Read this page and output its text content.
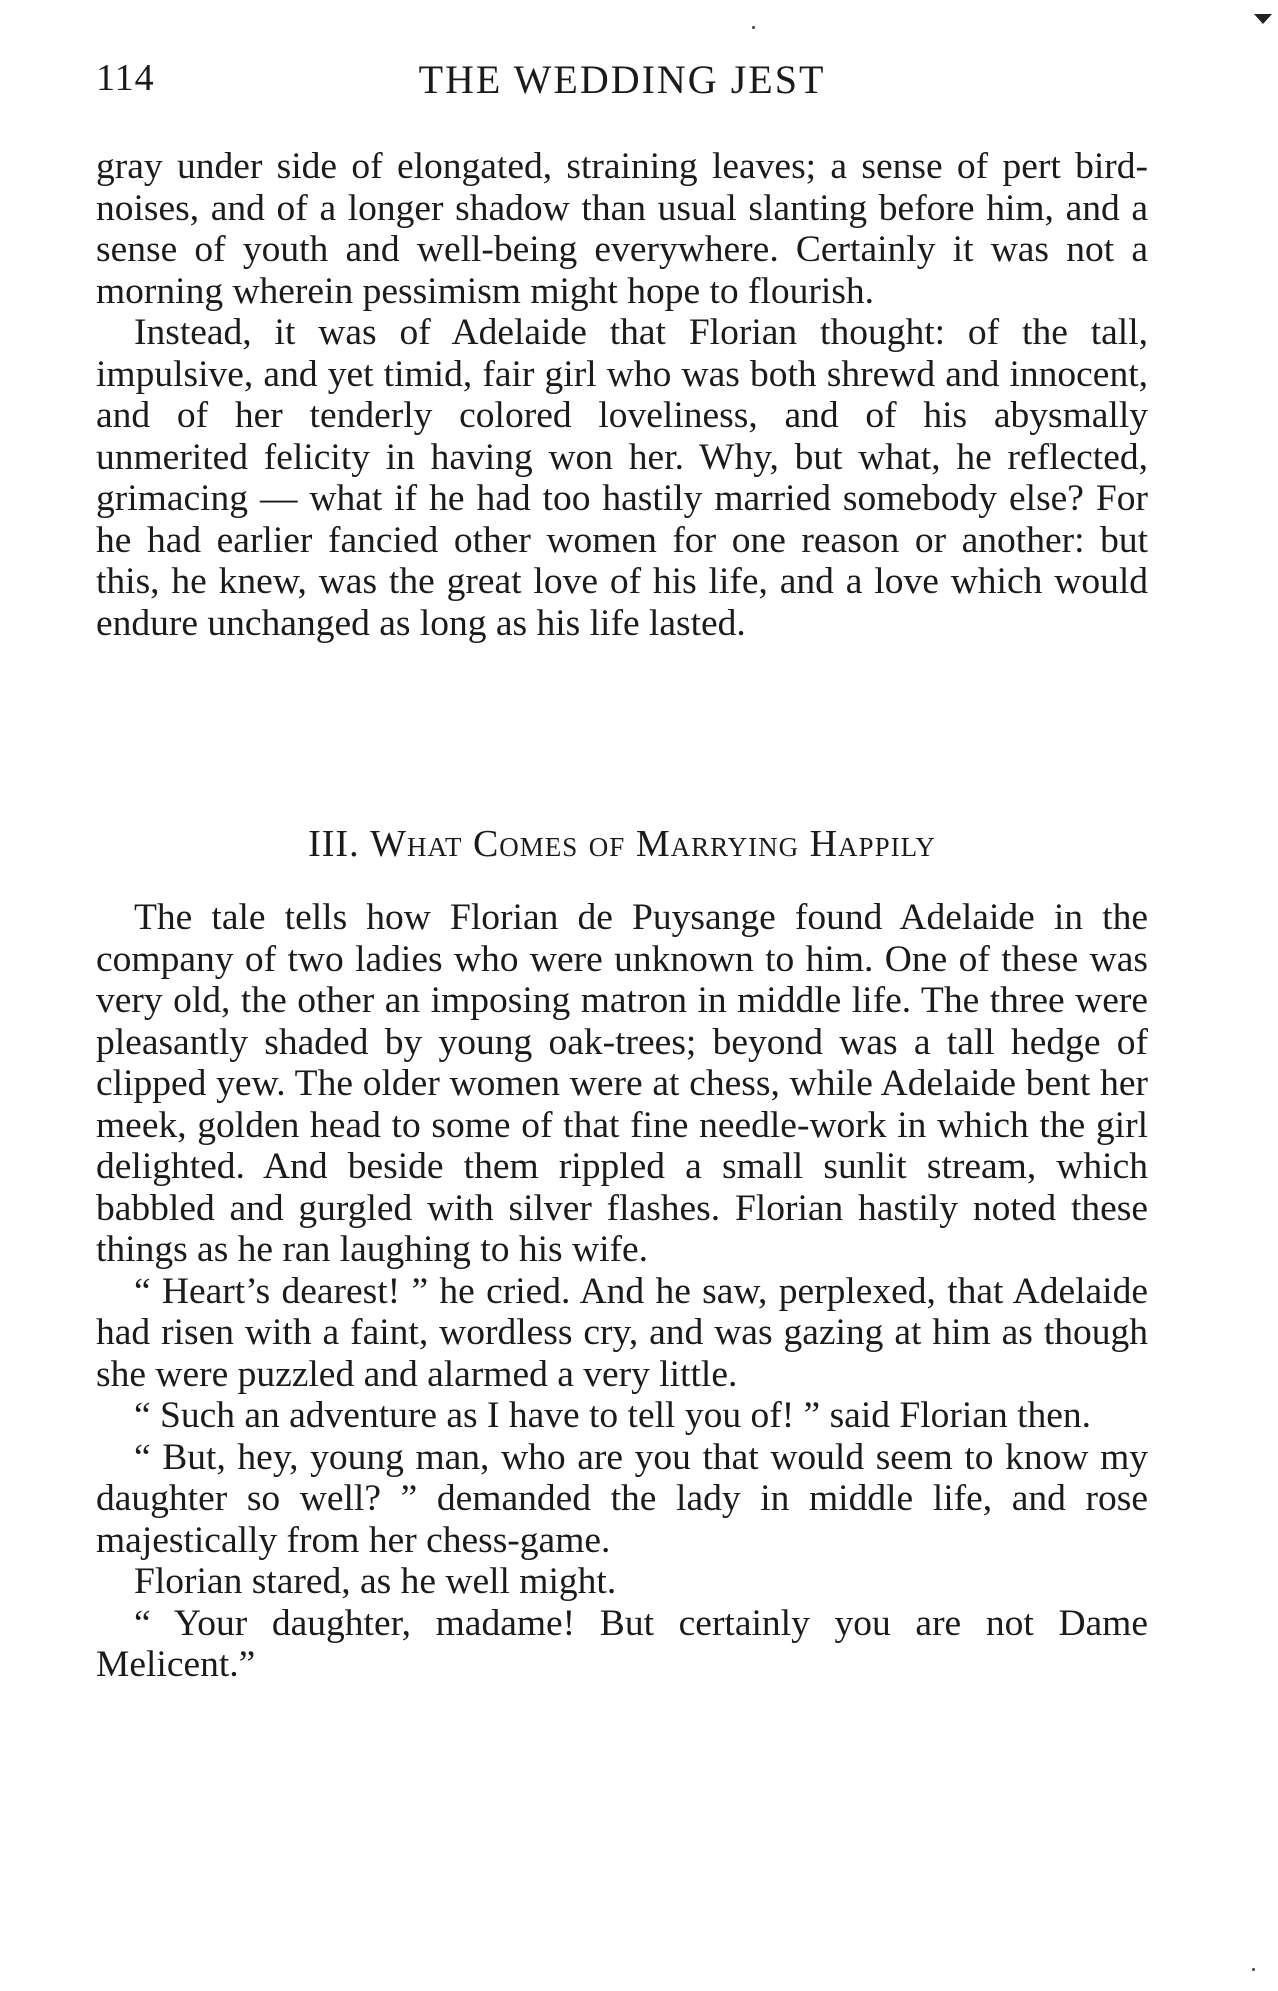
114	THE WEDDING JEST

gray under side of elongated, straining leaves; a sense of pert bird-noises, and of a longer shadow than usual slanting before him, and a sense of youth and well-being everywhere. Certainly it was not a morning wherein pessimism might hope to flourish.

Instead, it was of Adelaide that Florian thought: of the tall, impulsive, and yet timid, fair girl who was both shrewd and innocent, and of her tenderly colored loveliness, and of his abysmally unmerited felicity in having won her. Why, but what, he reflected, grimacing — what if he had too hastily married somebody else? For he had earlier fancied other women for one reason or another: but this, he knew, was the great love of his life, and a love which would endure unchanged as long as his life lasted.

III. What Comes of Marrying Happily

The tale tells how Florian de Puysange found Adelaide in the company of two ladies who were unknown to him. One of these was very old, the other an imposing matron in middle life. The three were pleasantly shaded by young oak-trees; beyond was a tall hedge of clipped yew. The older women were at chess, while Adelaide bent her meek, golden head to some of that fine needle-work in which the girl delighted. And beside them rippled a small sunlit stream, which babbled and gurgled with silver flashes. Florian hastily noted these things as he ran laughing to his wife.

“ Heart’s dearest! ” he cried. And he saw, perplexed, that Adelaide had risen with a faint, wordless cry, and was gazing at him as though she were puzzled and alarmed a very little.

“ Such an adventure as I have to tell you of! ” said Florian then.

“ But, hey, young man, who are you that would seem to know my daughter so well? ” demanded the lady in middle life, and rose majestically from her chess-game.

Florian stared, as he well might.

“ Your daughter, madame! But certainly you are not Dame Melicent.”
